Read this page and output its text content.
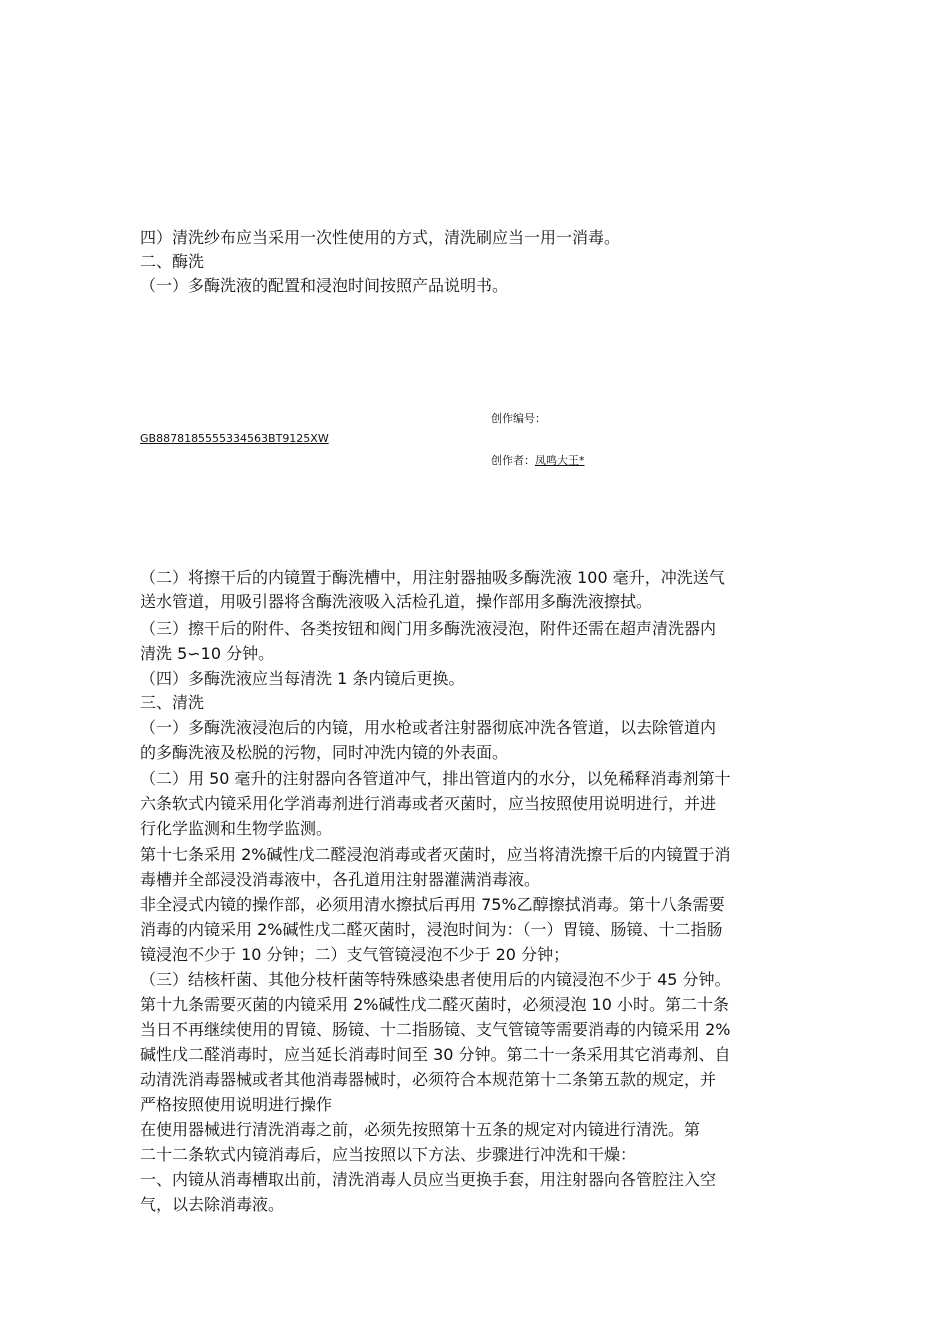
四）清洗纱布应当采用一次性使用的方式，清洗刷应当一用一消毒。
二、酶洗
（一）多酶洗液的配置和浸泡时间按照产品说明书。
创作编号：
GB8878185555334563BT9125XW
创作者：凤鸣大王*
（二）将擦干后的内镜置于酶洗槽中，用注射器抽吸多酶洗液 100 毫升，冲洗送气
送水管道，用吸引器将含酶洗液吸入活检孔道，操作部用多酶洗液擦拭。
（三）擦干后的附件、各类按钮和阀门用多酶洗液浸泡，附件还需在超声清洗器内
清洗 5∽10 分钟。
（四）多酶洗液应当每清洗 1 条内镜后更换。
三、清洗
（一）多酶洗液浸泡后的内镜，用水枪或者注射器彻底冲洗各管道，以去除管道内
的多酶洗液及松脱的污物，同时冲洗内镜的外表面。
（二）用 50 毫升的注射器向各管道冲气，排出管道内的水分，以免稀释消毒剂第十
六条软式内镜采用化学消毒剂进行消毒或者灭菌时，应当按照使用说明进行，并进
行化学监测和生物学监测。
第十七条采用 2%碱性戊二醛浸泡消毒或者灭菌时，应当将清洗擦干后的内镜置于消
毒槽并全部浸没消毒液中，各孔道用注射器灌满消毒液。
非全浸式内镜的操作部，必须用清水擦拭后再用 75%乙醇擦拭消毒。第十八条需要
消毒的内镜采用 2%碱性戊二醛灭菌时，浸泡时间为：（一）胃镜、肠镜、十二指肠
镜浸泡不少于 10 分钟；二）支气管镜浸泡不少于 20 分钟；
（三）结核杆菌、其他分枝杆菌等特殊感染患者使用后的内镜浸泡不少于 45 分钟。
第十九条需要灭菌的内镜采用 2%碱性戊二醛灭菌时，必须浸泡 10 小时。第二十条
当日不再继续使用的胃镜、肠镜、十二指肠镜、支气管镜等需要消毒的内镜采用 2%
碱性戊二醛消毒时，应当延长消毒时间至 30 分钟。第二十一条采用其它消毒剂、自
动清洗消毒器械或者其他消毒器械时，必须符合本规范第十二条第五款的规定，并
严格按照使用说明进行操作
在使用器械进行清洗消毒之前，必须先按照第十五条的规定对内镜进行清洗。第
二十二条软式内镜消毒后，应当按照以下方法、步骤进行冲洗和干燥：
一、内镜从消毒槽取出前，清洗消毒人员应当更换手套，用注射器向各管腔注入空
气，以去除消毒液。
